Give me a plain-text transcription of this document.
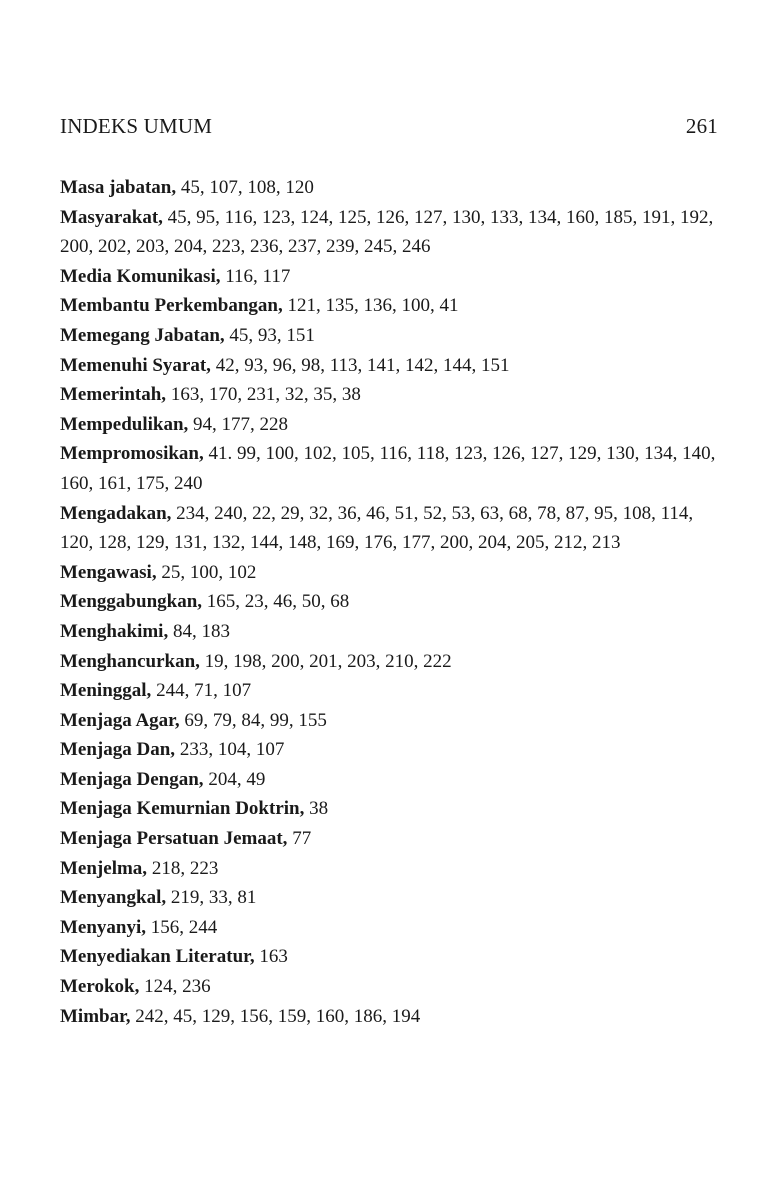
INDEKS UMUM	261
Masa jabatan, 45, 107, 108, 120
Masyarakat, 45, 95, 116, 123, 124, 125, 126, 127, 130, 133, 134, 160, 185, 191, 192, 200, 202, 203, 204, 223, 236, 237, 239, 245, 246
Media Komunikasi, 116, 117
Membantu Perkembangan, 121, 135, 136, 100, 41
Memegang Jabatan, 45, 93, 151
Memenuhi Syarat, 42, 93, 96, 98, 113, 141, 142, 144, 151
Memerintah, 163, 170, 231, 32, 35, 38
Mempedulikan, 94, 177, 228
Mempromosikan, 41. 99, 100, 102, 105, 116, 118, 123, 126, 127, 129, 130, 134, 140, 160, 161, 175, 240
Mengadakan, 234, 240, 22, 29, 32, 36, 46, 51, 52, 53, 63, 68, 78, 87, 95, 108, 114, 120, 128, 129, 131, 132, 144, 148, 169, 176, 177, 200, 204, 205, 212, 213
Mengawasi, 25, 100, 102
Menggabungkan, 165, 23, 46, 50, 68
Menghakimi, 84, 183
Menghancurkan, 19, 198, 200, 201, 203, 210, 222
Meninggal, 244, 71, 107
Menjaga Agar, 69, 79, 84, 99, 155
Menjaga Dan, 233, 104, 107
Menjaga Dengan, 204, 49
Menjaga Kemurnian Doktrin, 38
Menjaga Persatuan Jemaat, 77
Menjelma, 218, 223
Menyangkal, 219, 33, 81
Menyanyi, 156, 244
Menyediakan Literatur, 163
Merokok, 124, 236
Mimbar, 242, 45, 129, 156, 159, 160, 186, 194
